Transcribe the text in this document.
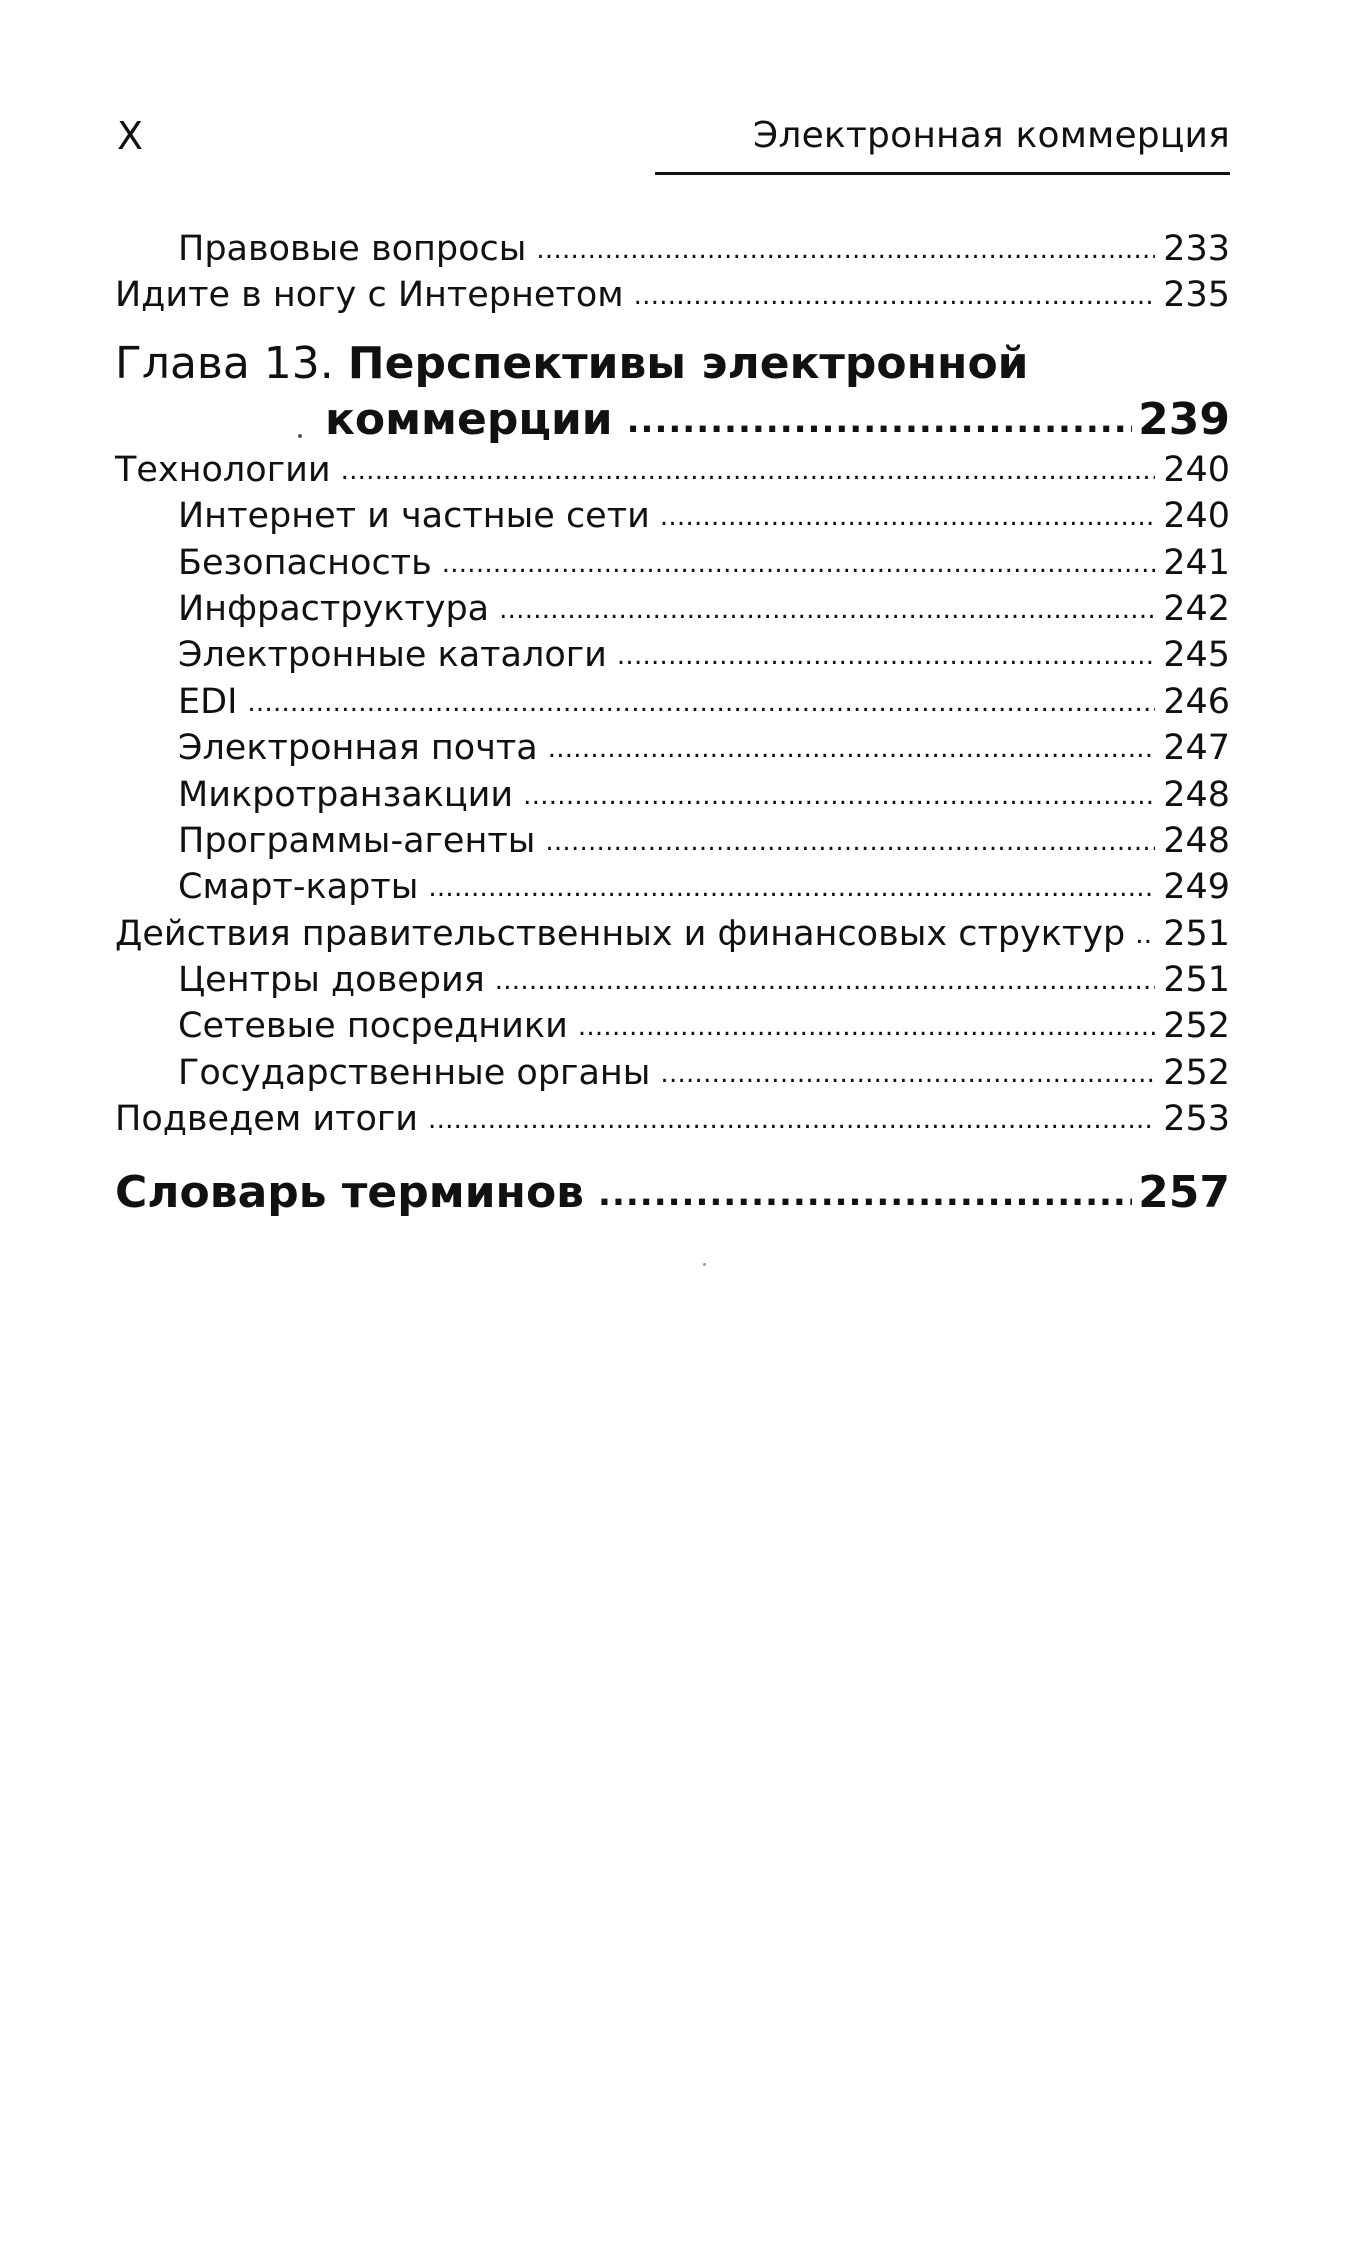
X	Электронная коммерция
Правовые вопросы . . .	233
Идите в ногу с Интернетом . . .	235
Глава 13. Перспективы электронной
коммерции .....	239
Технологии . . .	240
Интернет и частные сети . . .	240
Безопасность . . .	241
Инфраструктура . . .	242
Электронные каталоги . . .	245
EDI . . .	246
Электронная почта . . .	247
Микротранзакции . . .	248
Программы-агенты . . .	248
Смарт-карты . . .	249
Действия правительственных и финансовых структур . . . 251
Центры доверия . . .	251
Сетевые посредники . . .	252
Государственные органы . . .	252
Подведем итоги . . .	253
Словарь терминов .....	257
